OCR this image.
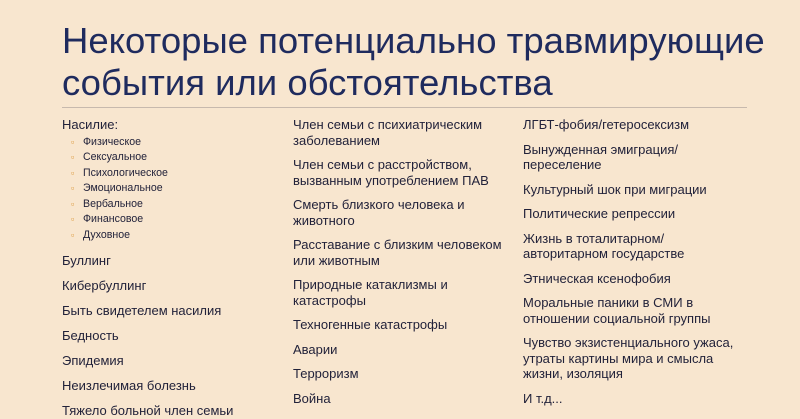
Некоторые потенциально травмирующие
события или обстоятельства
Насилие:
▫ Физическое
▫ Сексуальное
▫ Психологическое
▫ Эмоциональное
▫ Вербальное
▫ Финансовое
▫ Духовное
Буллинг
Кибербуллинг
Быть свидетелем насилия
Бедность
Эпидемия
Неизлечимая болезнь
Тяжело больной член семьи
Член семьи с психиатрическим
заболеванием
Член семьи с расстройством,
вызванным употреблением ПАВ
Смерть близкого человека и
животного
Расставание с близким человеком
или животным
Природные катаклизмы и
катастрофы
Техногенные катастрофы
Аварии
Терроризм
Война
ЛГБТ-фобия/гетеросексизм
Вынужденная эмиграция/
переселение
Культурный шок при миграции
Политические репрессии
Жизнь в тоталитарном/
авторитарном государстве
Этническая ксенофобия
Моральные паники в СМИ в
отношении социальной группы
Чувство экзистенциального ужаса,
утраты картины мира и смысла
жизни, изоляция
И т.д...
